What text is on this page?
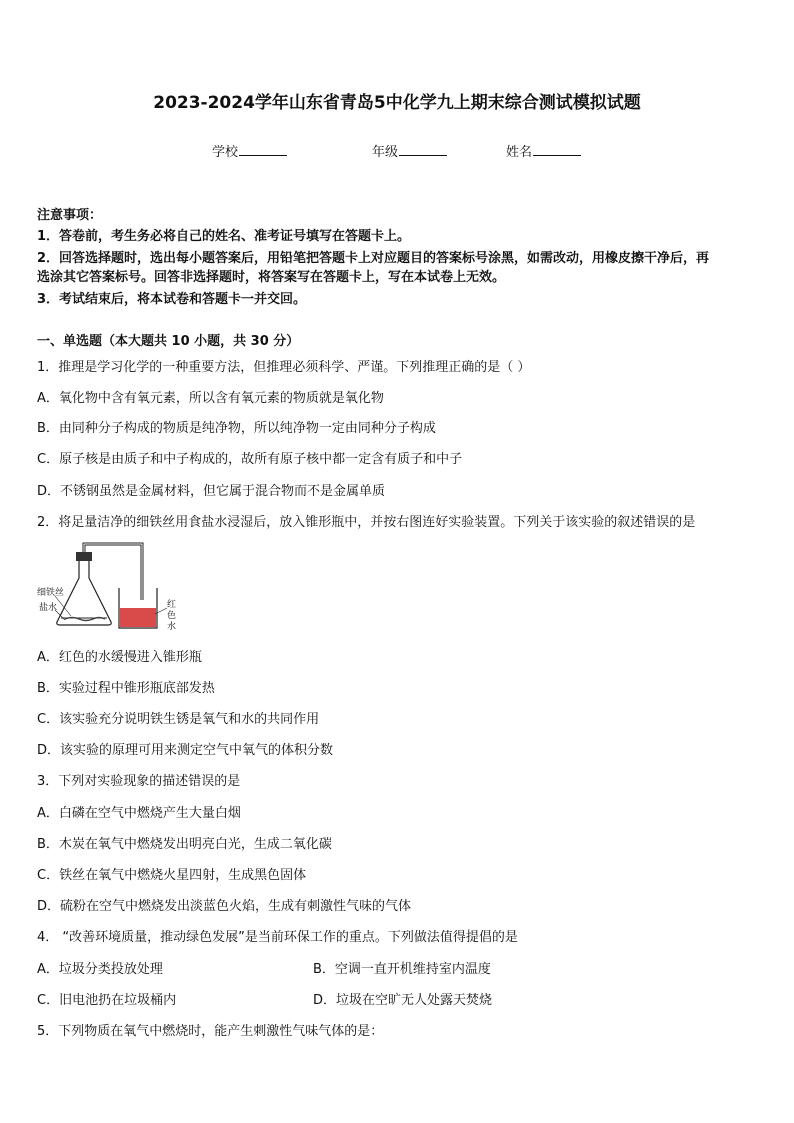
2023-2024学年山东省青岛5中化学九上期末综合测试模拟试题
学校	年级	姓名
注意事项：
1．答卷前，考生务必将自己的姓名、准考证号填写在答题卡上。
2．回答选择题时，选出每小题答案后，用铅笔把答题卡上对应题目的答案标号涂黑，如需改动，用橡皮擦干净后，再
选涂其它答案标号。回答非选择题时，将答案写在答题卡上，写在本试卷上无效。
3．考试结束后，将本试卷和答题卡一并交回。
一、单选题（本大题共 10 小题，共 30 分）
1．推理是学习化学的一种重要方法，但推理必须科学、严谨。下列推理正确的是（ ）
A．氧化物中含有氧元素，所以含有氧元素的物质就是氧化物
B．由同种分子构成的物质是纯净物，所以纯净物一定由同种分子构成
C．原子核是由质子和中子构成的，故所有原子核中都一定含有质子和中子
D．不锈钢虽然是金属材料，但它属于混合物而不是金属单质
2．将足量洁净的细铁丝用食盐水浸湿后，放入锥形瓶中，并按右图连好实验装置。下列关于该实验的叙述错误的是
细铁丝
盐水	红
色
水
A．红色的水缓慢进入锥形瓶
B．实验过程中锥形瓶底部发热
C．该实验充分说明铁生锈是氧气和水的共同作用
D．该实验的原理可用来测定空气中氧气的体积分数
3．下列对实验现象的描述错误的是
A．白磷在空气中燃烧产生大量白烟
B．木炭在氧气中燃烧发出明亮白光，生成二氧化碳
C．铁丝在氧气中燃烧火星四射，生成黑色固体
D．硫粉在空气中燃烧发出淡蓝色火焰，生成有刺激性气味的气体
4． “改善环境质量，推动绿色发展”是当前环保工作的重点。下列做法值得提倡的是
A．垃圾分类投放处理	B．空调一直开机维持室内温度
C．旧电池扔在垃圾桶内	D．垃圾在空旷无人处露天焚烧
5．下列物质在氧气中燃烧时，能产生刺激性气味气体的是：
